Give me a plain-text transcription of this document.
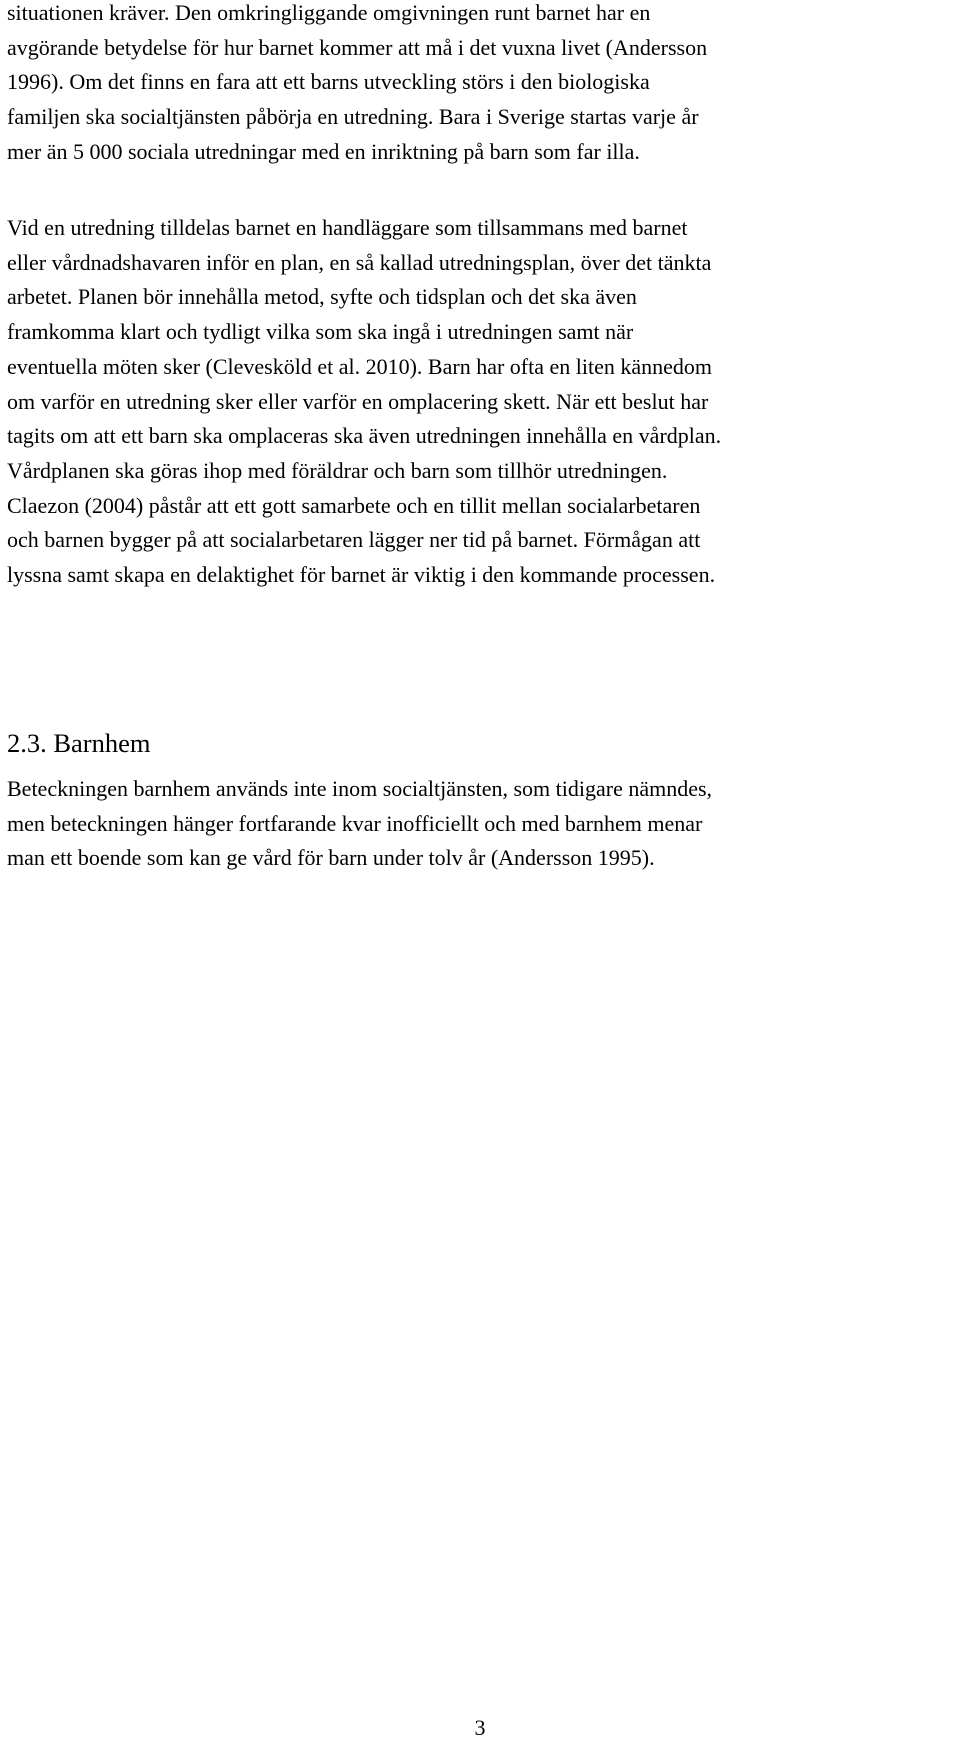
situationen kräver. Den omkringliggande omgivningen runt barnet har en
avgörande betydelse för hur barnet kommer att må i det vuxna livet (Andersson
1996). Om det finns en fara att ett barns utveckling störs i den biologiska
familjen ska socialtjänsten påbörja en utredning. Bara i Sverige startas varje år
mer än 5 000 sociala utredningar med en inriktning på barn som far illa.

Vid en utredning tilldelas barnet en handläggare som tillsammans med barnet
eller vårdnadshavaren inför en plan, en så kallad utredningsplan, över det tänkta
arbetet. Planen bör innehålla metod, syfte och tidsplan och det ska även
framkomma klart och tydligt vilka som ska ingå i utredningen samt när
eventuella möten sker (Clevesköld et al. 2010). Barn har ofta en liten kännedom
om varför en utredning sker eller varför en omplacering skett. När ett beslut har
tagits om att ett barn ska omplaceras ska även utredningen innehålla en vårdplan.
Vårdplanen ska göras ihop med föräldrar och barn som tillhör utredningen.
Claezon (2004) påstår att ett gott samarbete och en tillit mellan socialarbetaren
och barnen bygger på att socialarbetaren lägger ner tid på barnet. Förmågan att
lyssna samt skapa en delaktighet för barnet är viktig i den kommande processen.

2.3. Barnhem

Beteckningen barnhem används inte inom socialtjänsten, som tidigare nämndes,
men beteckningen hänger fortfarande kvar inofficiellt och med barnhem menar
man ett boende som kan ge vård för barn under tolv år (Andersson 1995).

3
